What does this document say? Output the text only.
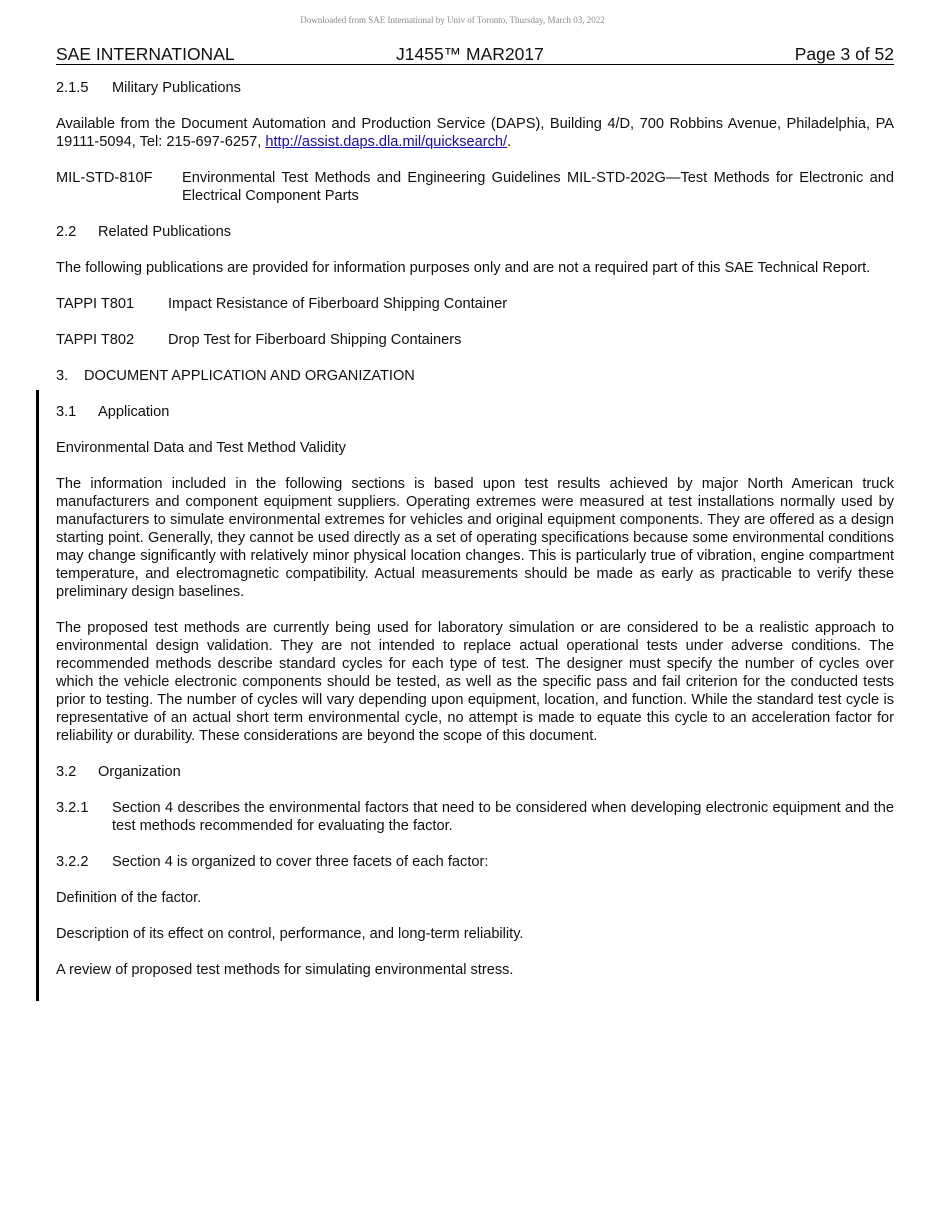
Downloaded from SAE International by Univ of Toronto, Thursday, March 03, 2022
SAE INTERNATIONAL	J1455™ MAR2017	Page 3 of 52

2.1.5 Military Publications

Available from the Document Automation and Production Service (DAPS), Building 4/D, 700 Robbins Avenue, Philadelphia, PA 19111-5094, Tel: 215-697-6257, http://assist.daps.dla.mil/quicksearch/.

MIL-STD-810F	Environmental Test Methods and Engineering Guidelines MIL-STD-202G—Test Methods for Electronic and Electrical Component Parts

2.2 Related Publications

The following publications are provided for information purposes only and are not a required part of this SAE Technical Report.

TAPPI T801	Impact Resistance of Fiberboard Shipping Container
TAPPI T802	Drop Test for Fiberboard Shipping Containers

3. DOCUMENT APPLICATION AND ORGANIZATION

3.1 Application

Environmental Data and Test Method Validity

The information included in the following sections is based upon test results achieved by major North American truck manufacturers and component equipment suppliers. Operating extremes were measured at test installations normally used by manufacturers to simulate environmental extremes for vehicles and original equipment components. They are offered as a design starting point. Generally, they cannot be used directly as a set of operating specifications because some environmental conditions may change significantly with relatively minor physical location changes. This is particularly true of vibration, engine compartment temperature, and electromagnetic compatibility. Actual measurements should be made as early as practicable to verify these preliminary design baselines.

The proposed test methods are currently being used for laboratory simulation or are considered to be a realistic approach to environmental design validation. They are not intended to replace actual operational tests under adverse conditions. The recommended methods describe standard cycles for each type of test. The designer must specify the number of cycles over which the vehicle electronic components should be tested, as well as the specific pass and fail criterion for the conducted tests prior to testing. The number of cycles will vary depending upon equipment, location, and function. While the standard test cycle is representative of an actual short term environmental cycle, no attempt is made to equate this cycle to an acceleration factor for reliability or durability. These considerations are beyond the scope of this document.

3.2 Organization

3.2.1	Section 4 describes the environmental factors that need to be considered when developing electronic equipment and the test methods recommended for evaluating the factor.
3.2.2	Section 4 is organized to cover three facets of each factor:

Definition of the factor.

Description of its effect on control, performance, and long-term reliability.

A review of proposed test methods for simulating environmental stress.
